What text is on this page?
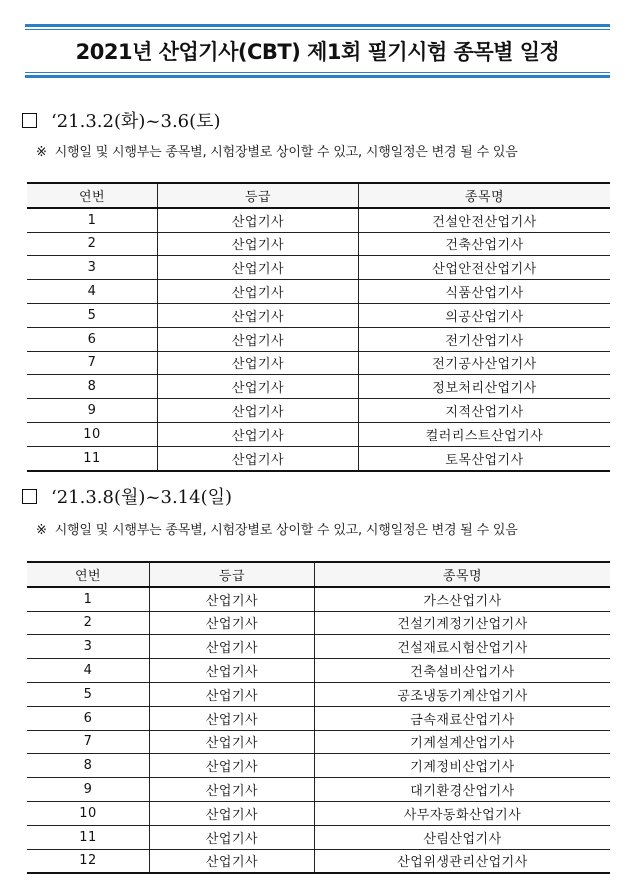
2021년 산업기사(CBT) 제1회 필기시험 종목별 일정
‘21.3.2(화)~3.6(토)
※ 시행일 및 시행부는 종목별, 시험장별로 상이할 수 있고, 시행일정은 변경 될 수 있음
연번	등급	종목명
1	산업기사	건설안전산업기사
2	산업기사	건축산업기사
3	산업기사	산업안전산업기사
4	산업기사	식품산업기사
5	산업기사	의공산업기사
6	산업기사	전기산업기사
7	산업기사	전기공사산업기사
8	산업기사	정보처리산업기사
9	산업기사	지적산업기사
10	산업기사	컬러리스트산업기사
11	산업기사	토목산업기사
‘21.3.8(월)~3.14(일)
※ 시행일 및 시행부는 종목별, 시험장별로 상이할 수 있고, 시행일정은 변경 될 수 있음
연번	등급	종목명
1	산업기사	가스산업기사
2	산업기사	건설기계정기산업기사
3	산업기사	건설재료시험산업기사
4	산업기사	건축설비산업기사
5	산업기사	공조냉동기계산업기사
6	산업기사	금속재료산업기사
7	산업기사	기계설계산업기사
8	산업기사	기계정비산업기사
9	산업기사	대기환경산업기사
10	산업기사	사무자동화산업기사
11	산업기사	산림산업기사
12	산업기사	산업위생관리산업기사
